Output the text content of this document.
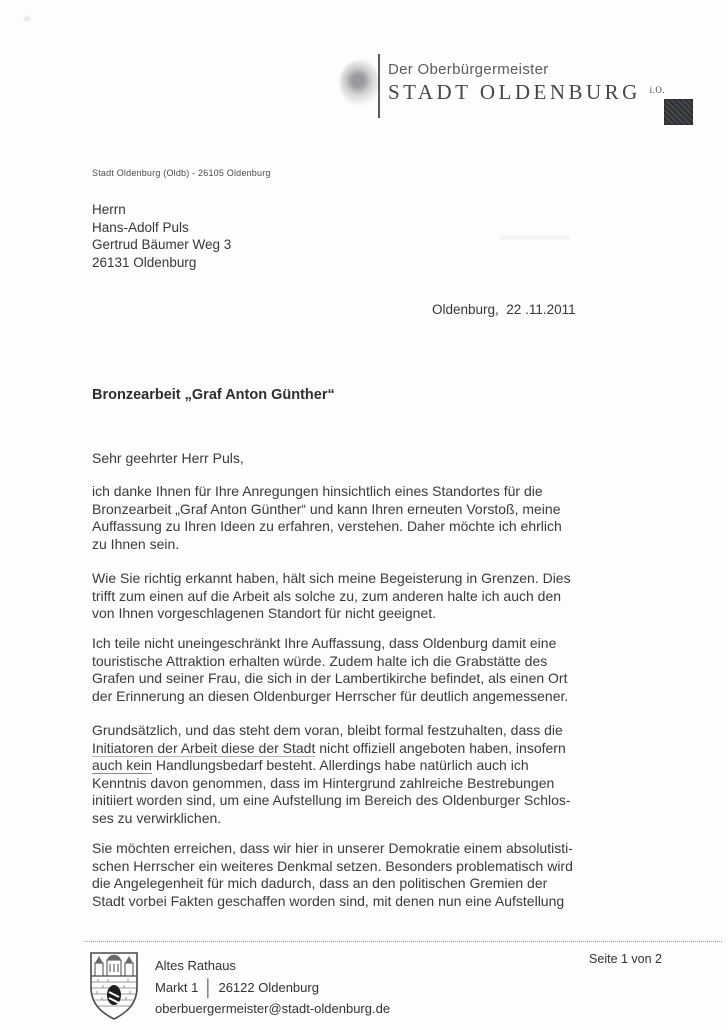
Der Oberbürgermeister
STADT OLDENBURG $^{i.O.}$
Stadt Oldenburg (Oldb) - 26105 Oldenburg
Herrn
Hans-Adolf Puls
Gertrud Bäumer Weg 3
26131 Oldenburg
Oldenburg,  22 .11.2011
Bronzearbeit „Graf Anton Günther“
Sehr geehrter Herr Puls,
ich danke Ihnen für Ihre Anregungen hinsichtlich eines Standortes für die
Bronzearbeit „Graf Anton Günther“ und kann Ihren erneuten Vorstoß, meine
Auffassung zu Ihren Ideen zu erfahren, verstehen. Daher möchte ich ehrlich
zu Ihnen sein.
Wie Sie richtig erkannt haben, hält sich meine Begeisterung in Grenzen. Dies
trifft zum einen auf die Arbeit als solche zu, zum anderen halte ich auch den
von Ihnen vorgeschlagenen Standort für nicht geeignet.
Ich teile nicht uneingeschränkt Ihre Auffassung, dass Oldenburg damit eine
touristische Attraktion erhalten würde. Zudem halte ich die Grabstätte des
Grafen und seiner Frau, die sich in der Lambertikirche befindet, als einen Ort
der Erinnerung an diesen Oldenburger Herrscher für deutlich angemessener.
Grundsätzlich, und das steht dem voran, bleibt formal festzuhalten, dass die
Initiatoren der Arbeit diese der Stadt nicht offiziell angeboten haben, insofern
auch kein Handlungsbedarf besteht. Allerdings habe natürlich auch ich
Kenntnis davon genommen, dass im Hintergrund zahlreiche Bestrebungen
initiiert worden sind, um eine Aufstellung im Bereich des Oldenburger Schlos-
ses zu verwirklichen.
Sie möchten erreichen, dass wir hier in unserer Demokratie einem absolutisti-
schen Herrscher ein weiteres Denkmal setzen. Besonders problematisch wird
die Angelegenheit für mich dadurch, dass an den politischen Gremien der
Stadt vorbei Fakten geschaffen worden sind, mit denen nun eine Aufstellung
Altes Rathaus
Markt 1 │ 26122 Oldenburg
oberbuergermeister@stadt-oldenburg.de
Seite 1 von 2
